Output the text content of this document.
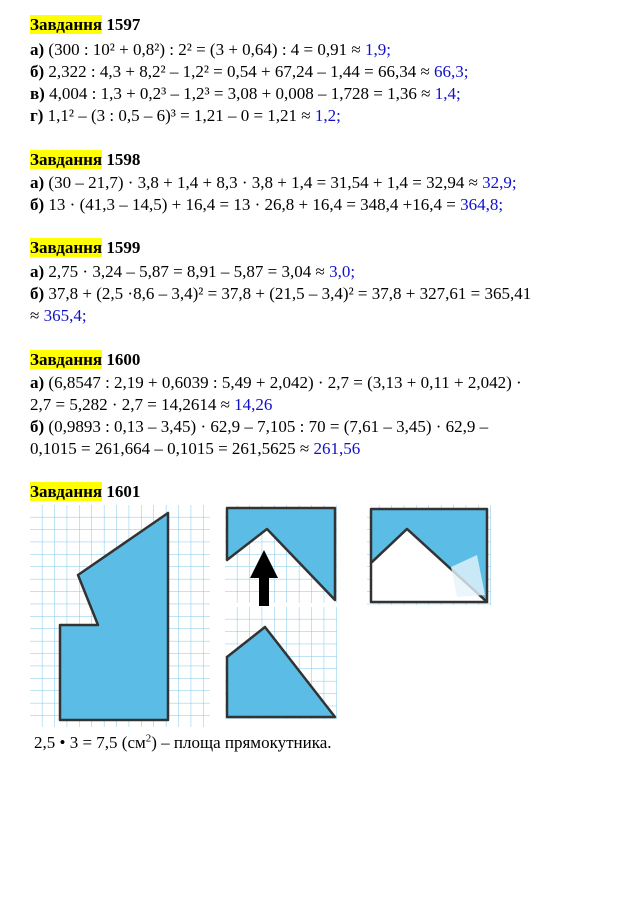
Завдання 1597
а) (300 : 10² + 0,8²) : 2² = (3 + 0,64) : 4 = 0,91 ≈ 1,9;
б) 2,322 : 4,3 + 8,2² – 1,2² = 0,54 + 67,24 – 1,44 = 66,34 ≈ 66,3;
в) 4,004 : 1,3 + 0,2³ – 1,2³ = 3,08 + 0,008 – 1,728 = 1,36 ≈ 1,4;
г) 1,1² – (3 : 0,5 – 6)³ = 1,21 – 0 = 1,21 ≈ 1,2;
Завдання 1598
а) (30 – 21,7) · 3,8 + 1,4 + 8,3 · 3,8 + 1,4 = 31,54 + 1,4 = 32,94 ≈ 32,9;
б) 13 · (41,3 – 14,5) + 16,4 = 13 · 26,8 + 16,4 = 348,4 +16,4 = 364,8;
Завдання 1599
а) 2,75 · 3,24 – 5,87 = 8,91 – 5,87 = 3,04 ≈ 3,0;
б) 37,8 + (2,5 ·8,6 – 3,4)² = 37,8 + (21,5 – 3,4)² = 37,8 + 327,61 = 365,41
≈ 365,4;
Завдання 1600
а) (6,8547 : 2,19 + 0,6039 : 5,49 + 2,042) · 2,7 = (3,13 + 0,11 + 2,042) ·
2,7 = 5,282 · 2,7 = 14,2614 ≈ 14,26
б) (0,9893 : 0,13 – 3,45) · 62,9 – 7,105 : 70 = (7,61 – 3,45) · 62,9 –
0,1015 = 261,664 – 0,1015 = 261,5625 ≈ 261,56
Завдання 1601
2,5 • 3 = 7,5 $(см^2)$ – площа прямокутника.
